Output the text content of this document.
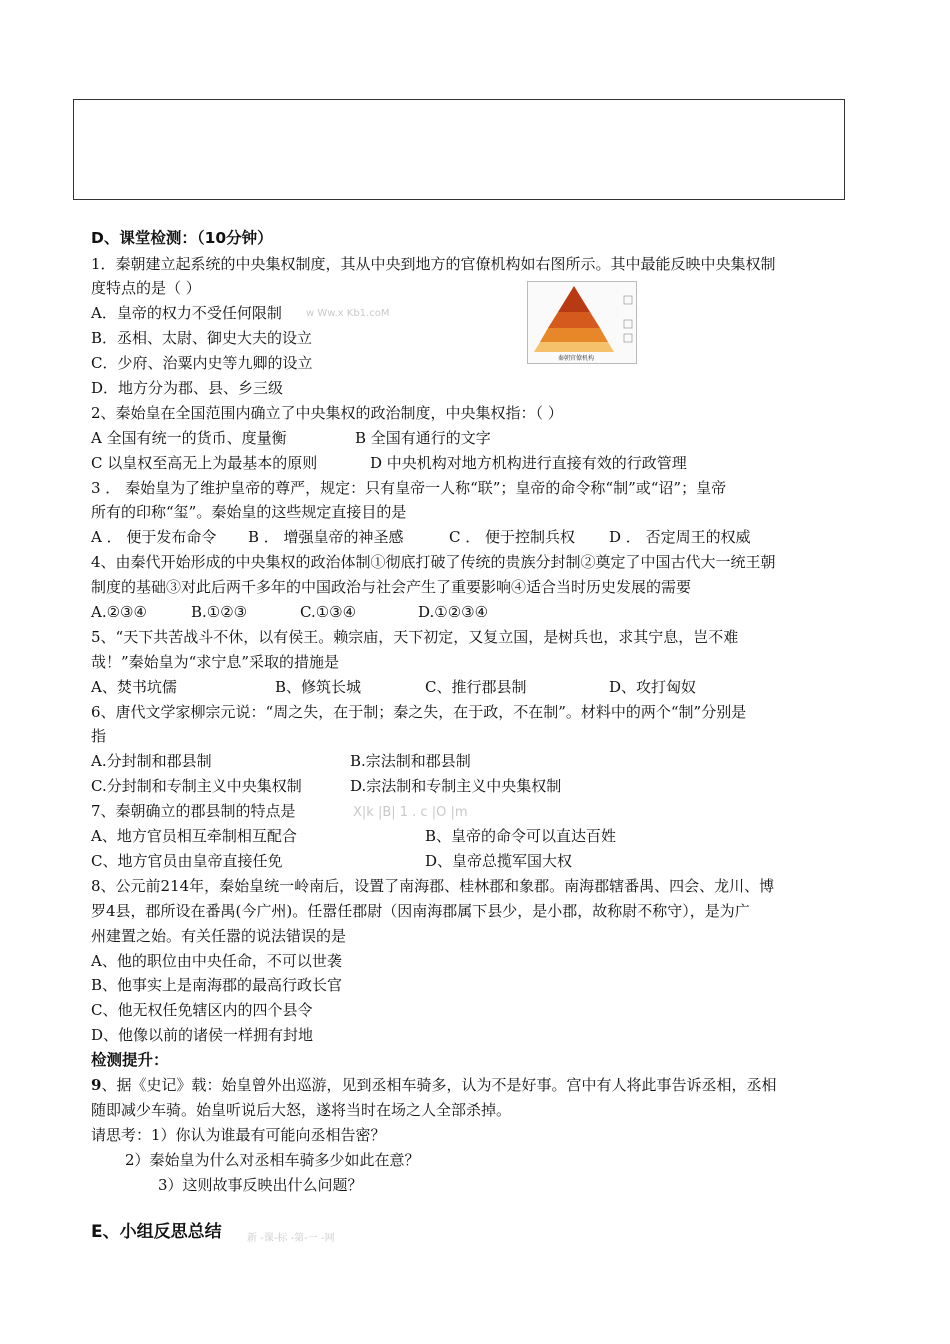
D、课堂检测：（10分钟）
1．秦朝建立起系统的中央集权制度，其从中央到地方的官僚机构如右图所示。其中最能反映中央集权制
度特点的是（ ）
A．皇帝的权力不受任何限制
B．丞相、太尉、御史大夫的设立
C．少府、治粟内史等九卿的设立
D．地方分为郡、县、乡三级
w Ww.x Kb1.coM
秦朝官僚机构
2、秦始皇在全国范围内确立了中央集权的政治制度，中央集权指：（ ）
A 全国有统一的货币、度量衡	B 全国有通行的文字
C 以皇权至高无上为最基本的原则	D 中央机构对地方机构进行直接有效的行政管理
3 ． 秦始皇为了维护皇帝的尊严，规定：只有皇帝一人称“联”；皇帝的命令称“制”或“诏”；皇帝
所有的印称“玺”。秦始皇的这些规定直接目的是
A ． 便于发布命令 B ． 增强皇帝的神圣感	C ． 便于控制兵权 D ． 否定周王的权威
4、由秦代开始形成的中央集权的政治体制①彻底打破了传统的贵族分封制②奠定了中国古代大一统王朝
制度的基础③对此后两千多年的中国政治与社会产生了重要影响④适合当时历史发展的需要
A.②③④	B.①②③	C.①③④	D.①②③④
5、“天下共苦战斗不休，以有侯王。赖宗庙，天下初定，又复立国，是树兵也，求其宁息，岂不难
哉！”秦始皇为“求宁息”采取的措施是
A、焚书坑儒	B、修筑长城	C、推行郡县制	D、攻打匈奴
6、唐代文学家柳宗元说：“周之失，在于制；秦之失，在于政，不在制”。材料中的两个“制”分别是
指
A.分封制和郡县制	B.宗法制和郡县制
C.分封制和专制主义中央集权制	D.宗法制和专制主义中央集权制
7、秦朝确立的郡县制的特点是	X|k |B| 1 . c |O |m
A、地方官员相互牵制相互配合	B、皇帝的命令可以直达百姓
C、地方官员由皇帝直接任免	D、皇帝总揽军国大权
8、公元前214年，秦始皇统一岭南后，设置了南海郡、桂林郡和象郡。南海郡辖番禺、四会、龙川、博
罗4县，郡所设在番禺(今广州)。任嚣任郡尉（因南海郡属下县少，是小郡，故称尉不称守），是为广
州建置之始。有关任嚣的说法错误的是
A、他的职位由中央任命，不可以世袭
B、他事实上是南海郡的最高行政长官
C、他无权任免辖区内的四个县令
D、他像以前的诸侯一样拥有封地
检测提升：
9、据《史记》载：始皇曾外出巡游，见到丞相车骑多，认为不是好事。宫中有人将此事告诉丞相，丞相
随即减少车骑。始皇听说后大怒，遂将当时在场之人全部杀掉。
请思考：1）你认为谁最有可能向丞相告密？
2）秦始皇为什么对丞相车骑多少如此在意？
3）这则故事反映出什么问题？
E、小组反思总结	新 -课-标 -第-一 -网
